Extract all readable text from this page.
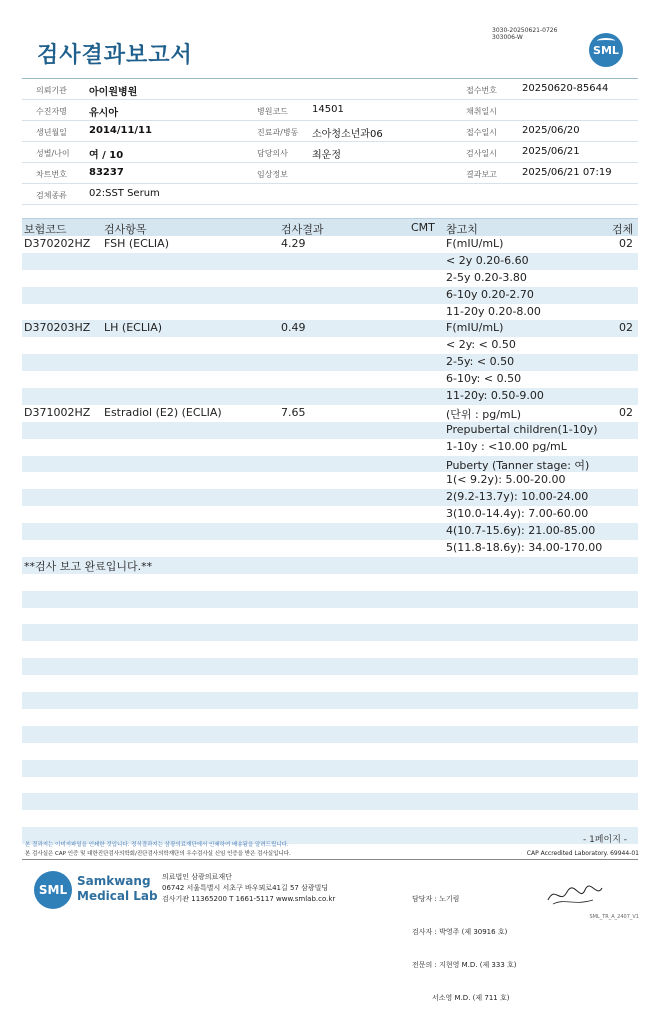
검사결과보고서
3030-20250621-0726
303006-W
SML
의뢰기관 아이원병원	접수번호	20250620-85644
수진자명 유시아	병원코드 14501	채취일시
생년월일 2014/11/11	진료과/병동 소아청소년과06	접수일시	2025/06/20
성별/나이 여 / 10	담당의사 최운정	검사일시	2025/06/21
차트번호 83237	임상정보	결과보고	2025/06/21 07:19
검체종류 02:SST Serum
보험코드	검사항목	검사결과	CMT 참고치	검체
D370202HZ FSH (ECLIA)	4.29	F(mIU/mL)	02
< 2y 0.20-6.60
2-5y 0.20-3.80
6-10y 0.20-2.70
11-20y 0.20-8.00
D370203HZ LH (ECLIA)	0.49	F(mIU/mL)	02
< 2y: < 0.50
2-5y: < 0.50
6-10y: < 0.50
11-20y: 0.50-9.00
D371002HZ Estradiol (E2) (ECLIA)	7.65	(단위 : pg/mL)	02
Prepubertal children(1-10y)
1-10y : <10.00 pg/mL
Puberty (Tanner stage: 여)
1(< 9.2y): 5.00-20.00
2(9.2-13.7y): 10.00-24.00
3(10.0-14.4y): 7.00-60.00
4(10.7-15.6y): 21.00-85.00
5(11.8-18.6y): 34.00-170.00
**검사 보고 완료입니다.**
- 1페이지 -
본 결과지는 이미지파일을 인쇄한 것입니다. 정식결과지는 삼광의료재단에서 인쇄하여 배송됨을 알려드립니다.
본 검사실은 CAP 인증 및 대한진단검사의학회/진단검사의학재단의 우수검사실 신임 인증을 받은 검사실입니다.	CAP Accredited Laboratory. 69944-01
SML
Samkwang
Medical Lab
의료법인 삼광의료재단
06742 서울특별시 서초구 바우뫼로41길 57 삼광빌딩
검사기관 11365200 T 1661-5117 www.smlab.co.kr

	담당자 : 노기림

검사자 : 박영주 (제 30916 호)

전문의 : 지현영 M.D. (제 333 호)

서소영 M.D. (제 711 호)

SML_TR_A_2407_V1
